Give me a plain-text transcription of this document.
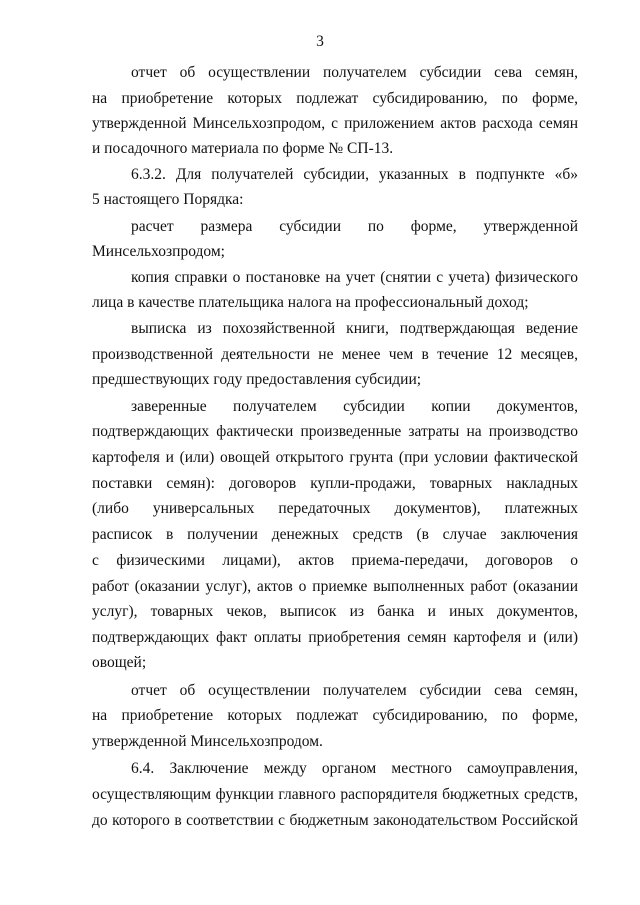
3
отчет об осуществлении получателем субсидии сева семян,
на приобретение которых подлежат субсидированию, по форме,
утвержденной Минсельхозпродом, с приложением актов расхода семян
и посадочного материала по форме № СП-13.
6.3.2. Для получателей субсидии, указанных в подпункте «б»
5 настоящего Порядка:
расчет размера субсидии по форме, утвержденной
Минсельхозпродом;
копия справки о постановке на учет (снятии с учета) физического
лица в качестве плательщика налога на профессиональный доход;
выписка из похозяйственной книги, подтверждающая ведение
производственной деятельности не менее чем в течение 12 месяцев,
предшествующих году предоставления субсидии;
заверенные получателем субсидии копии документов,
подтверждающих фактически произведенные затраты на производство
картофеля и (или) овощей открытого грунта (при условии фактической
поставки семян): договоров купли-продажи, товарных накладных
(либо универсальных передаточных документов), платежных
расписок в получении денежных средств (в случае заключения
с физическими лицами), актов приема-передачи, договоров о
работ (оказании услуг), актов о приемке выполненных работ (оказании
услуг), товарных чеков, выписок из банка и иных документов,
подтверждающих факт оплаты приобретения семян картофеля и (или)
овощей;
отчет об осуществлении получателем субсидии сева семян,
на приобретение которых подлежат субсидированию, по форме,
утвержденной Минсельхозпродом.
6.4. Заключение между органом местного самоуправления,
осуществляющим функции главного распорядителя бюджетных средств,
до которого в соответствии с бюджетным законодательством Российской
